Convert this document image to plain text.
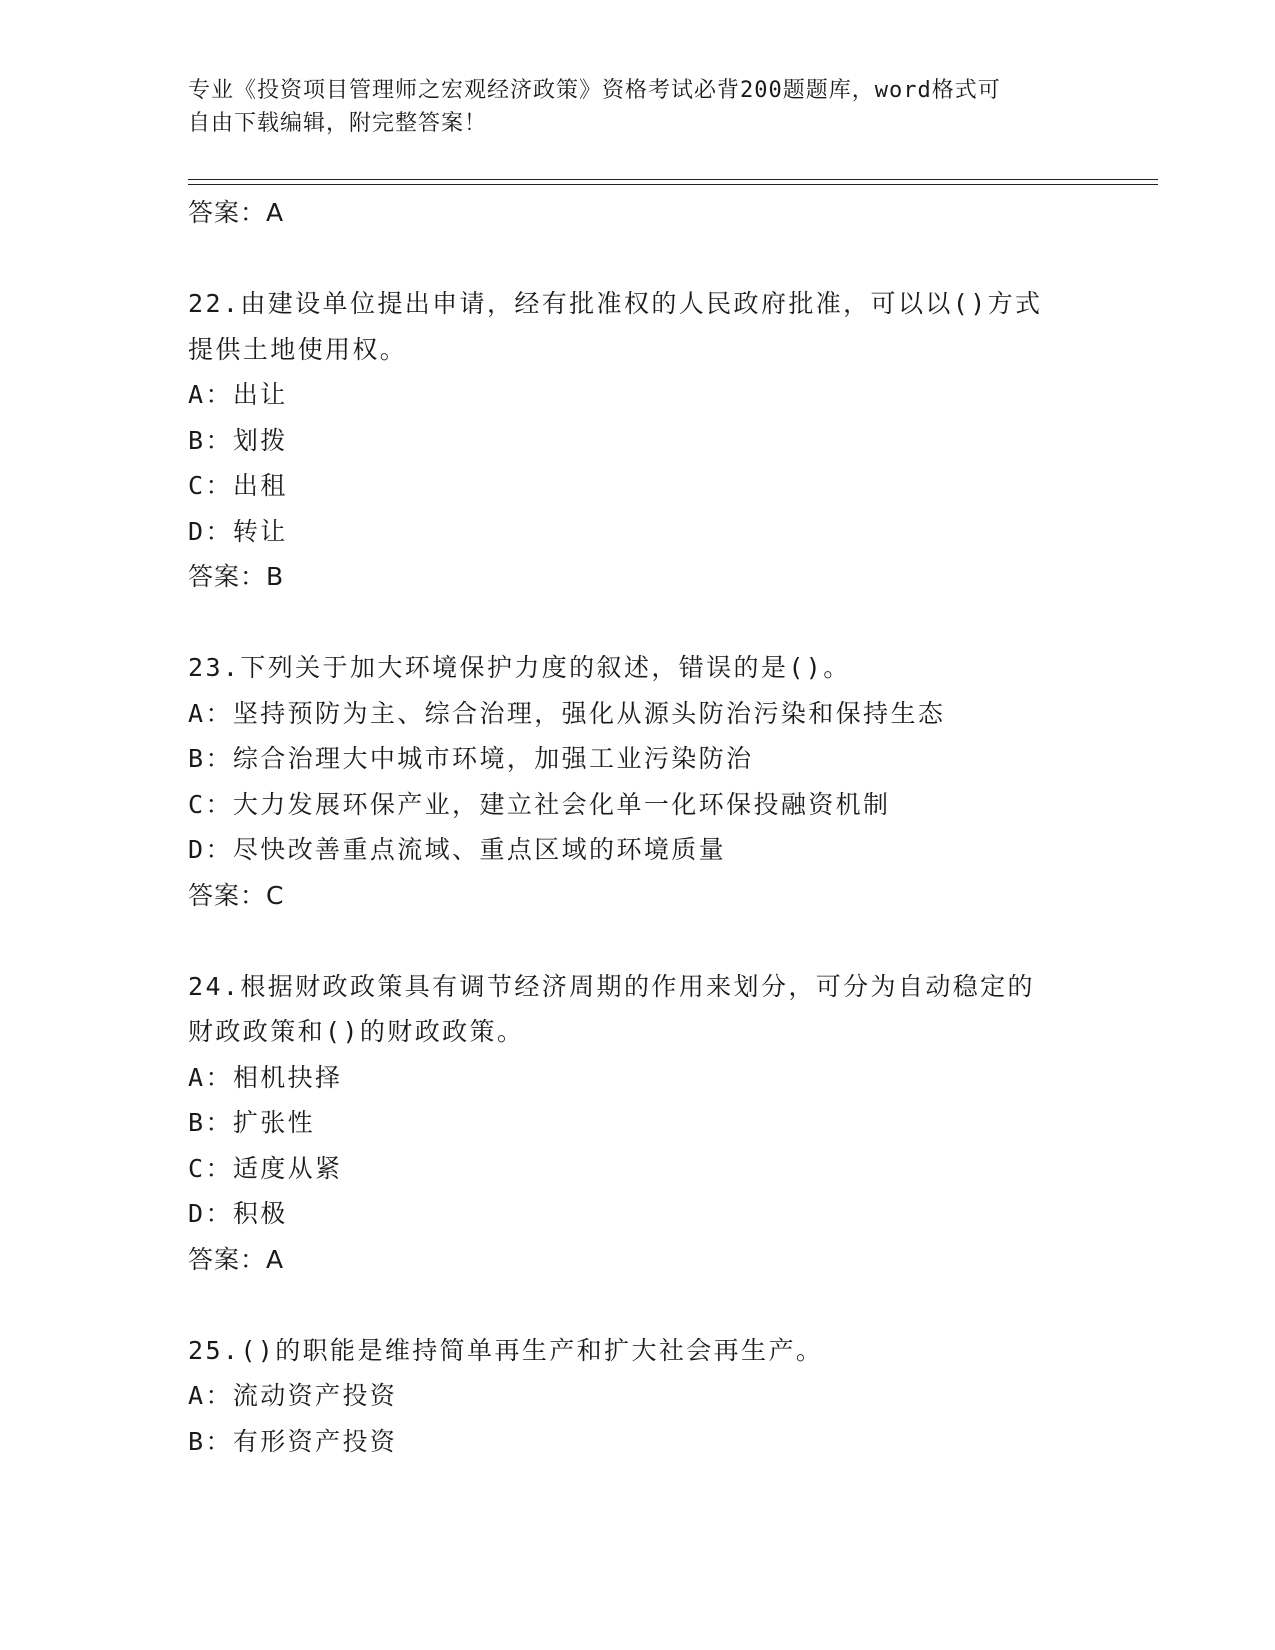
专业《投资项目管理师之宏观经济政策》资格考试必背200题题库，word格式可
自由下载编辑，附完整答案！
答案：A
22.由建设单位提出申请，经有批准权的人民政府批准，可以以()方式
提供土地使用权。
A：出让
B：划拨
C：出租
D：转让
答案：B
23.下列关于加大环境保护力度的叙述，错误的是()。
A：坚持预防为主、综合治理，强化从源头防治污染和保持生态
B：综合治理大中城市环境，加强工业污染防治
C：大力发展环保产业，建立社会化单一化环保投融资机制
D：尽快改善重点流域、重点区域的环境质量
答案：C
24.根据财政政策具有调节经济周期的作用来划分，可分为自动稳定的
财政政策和()的财政政策。
A：相机抉择
B：扩张性
C：适度从紧
D：积极
答案：A
25.()的职能是维持简单再生产和扩大社会再生产。
A：流动资产投资
B：有形资产投资
